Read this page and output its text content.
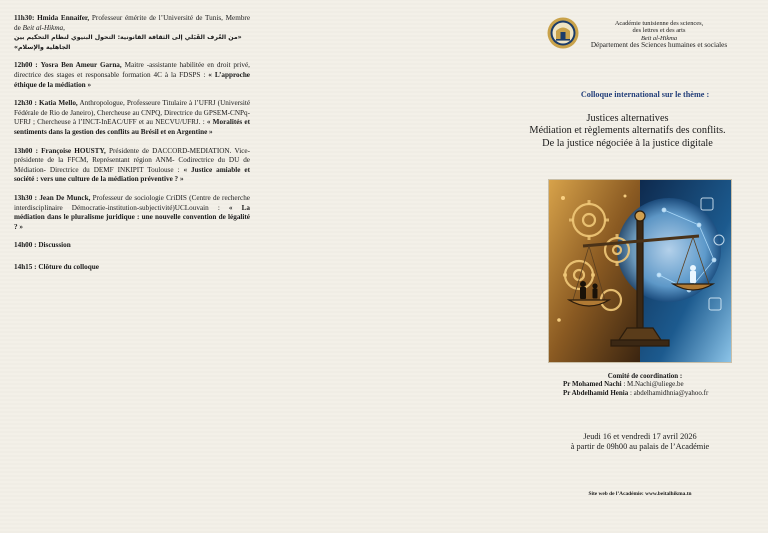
11h30: Hmida Ennaifer, Professeur émérite de l’Université de Tunis, Membre de Beit al-Hikma,
«من العُرف القَبَلي إلى الثقافة القانونية: التحول البنيوي لنظام التحكيم بين الجاهلية والإسلام»
12h00 : Yosra Ben Ameur Garna, Maitre -assistante habilitée en droit privé, directrice des stages et responsable formation 4C à la FDSPS : « L’approche éthique de la médiation »
12h30 : Katia Mello, Anthropologue, Professeure Titulaire à l’UFRJ (Université Fédérale de Rio de Janeiro), Chercheuse au CNPQ, Directrice du GPSEM-CNPq-UFRJ ; Chercheuse à l’INCT-InEAC/UFF et au NECVU/UFRJ. : « Moralités et sentiments dans la gestion des conflits au Brésil et en Argentine »
13h00 : Françoise HOUSTY, Présidente de DACCORD-MEDIATION. Vice-présidente de la FFCM, Représentant région ANM- Codirectrice du DU de Médiation- Directrice du DEMF INKIPIT Toulouse : « Justice amiable et société : vers une culture de la médiation préventive ? »
13h30 : Jean De Munck, Professeur de sociologie CriDIS (Centre de recherche interdisciplinaire Démocratie-institution-subjectivité)UCLouvain : « La médiation dans le pluralisme juridique : une nouvelle convention de légalité ? »
14h00 : Discussion
14h15 : Clôture du colloque
Académie tunisienne des sciences,
des lettres et des arts
Beit al-Hikma
Département des Sciences humaines et sociales
Colloque international sur le thème :
Justices alternatives
Médiation et règlements alternatifs des conflits.
De la justice négociée à la justice digitale
Comité de coordination :
Pr Mohamed Nachi : M.Nachi@uliege.be
Pr Abdelhamid Henia : abdelhamidhnia@yahoo.fr
Jeudi 16 et vendredi 17 avril 2026
à partir de 09h00 au palais de l’Académie
Site web de l’Académie: www.beitalhikma.tn
